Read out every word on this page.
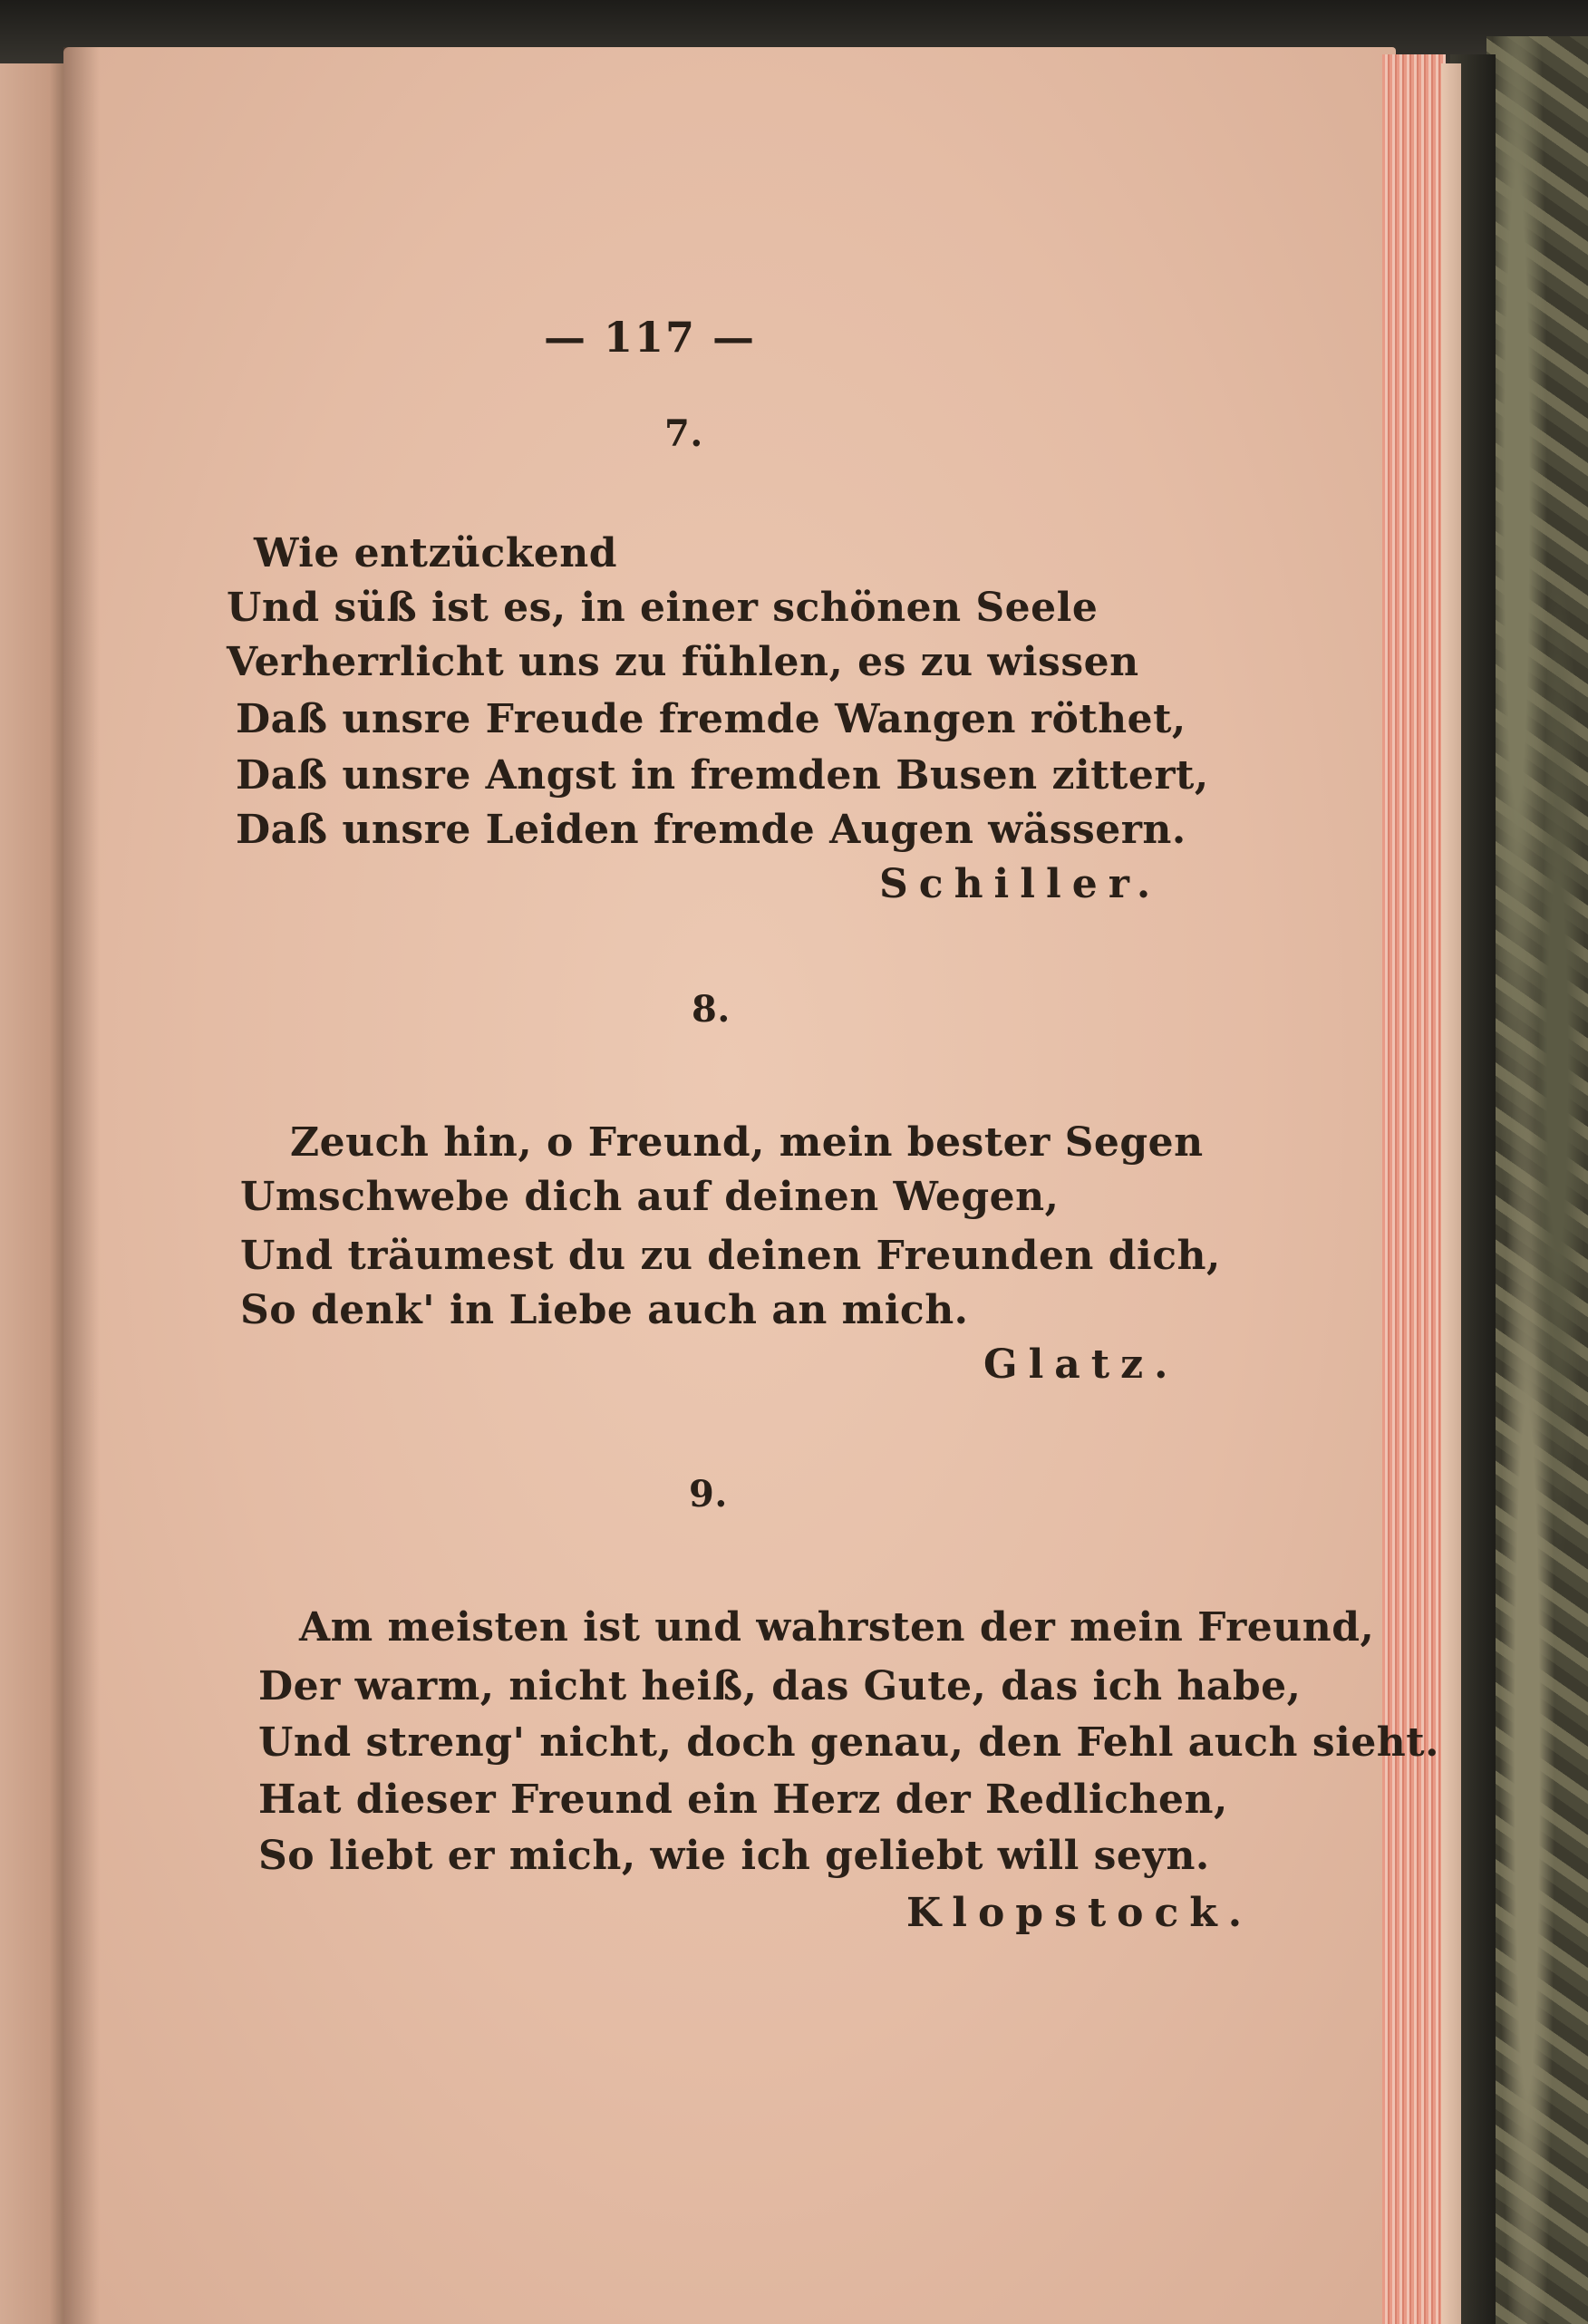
— 117 —
7.
Wie entzückend
Und süß ist es, in einer schönen Seele
Verherrlicht uns zu fühlen, es zu wissen
Daß unsre Freude fremde Wangen röthet,
Daß unsre Angst in fremden Busen zittert,
Daß unsre Leiden fremde Augen wässern.
Schiller.
8.
Zeuch hin, o Freund, mein bester Segen
Umschwebe dich auf deinen Wegen,
Und träumest du zu deinen Freunden dich,
So denk' in Liebe auch an mich.
Glatz.
9.
Am meisten ist und wahrsten der mein Freund,
Der warm, nicht heiß, das Gute, das ich habe,
Und streng' nicht, doch genau, den Fehl auch sieht.
Hat dieser Freund ein Herz der Redlichen,
So liebt er mich, wie ich geliebt will seyn.
Klopstock.
